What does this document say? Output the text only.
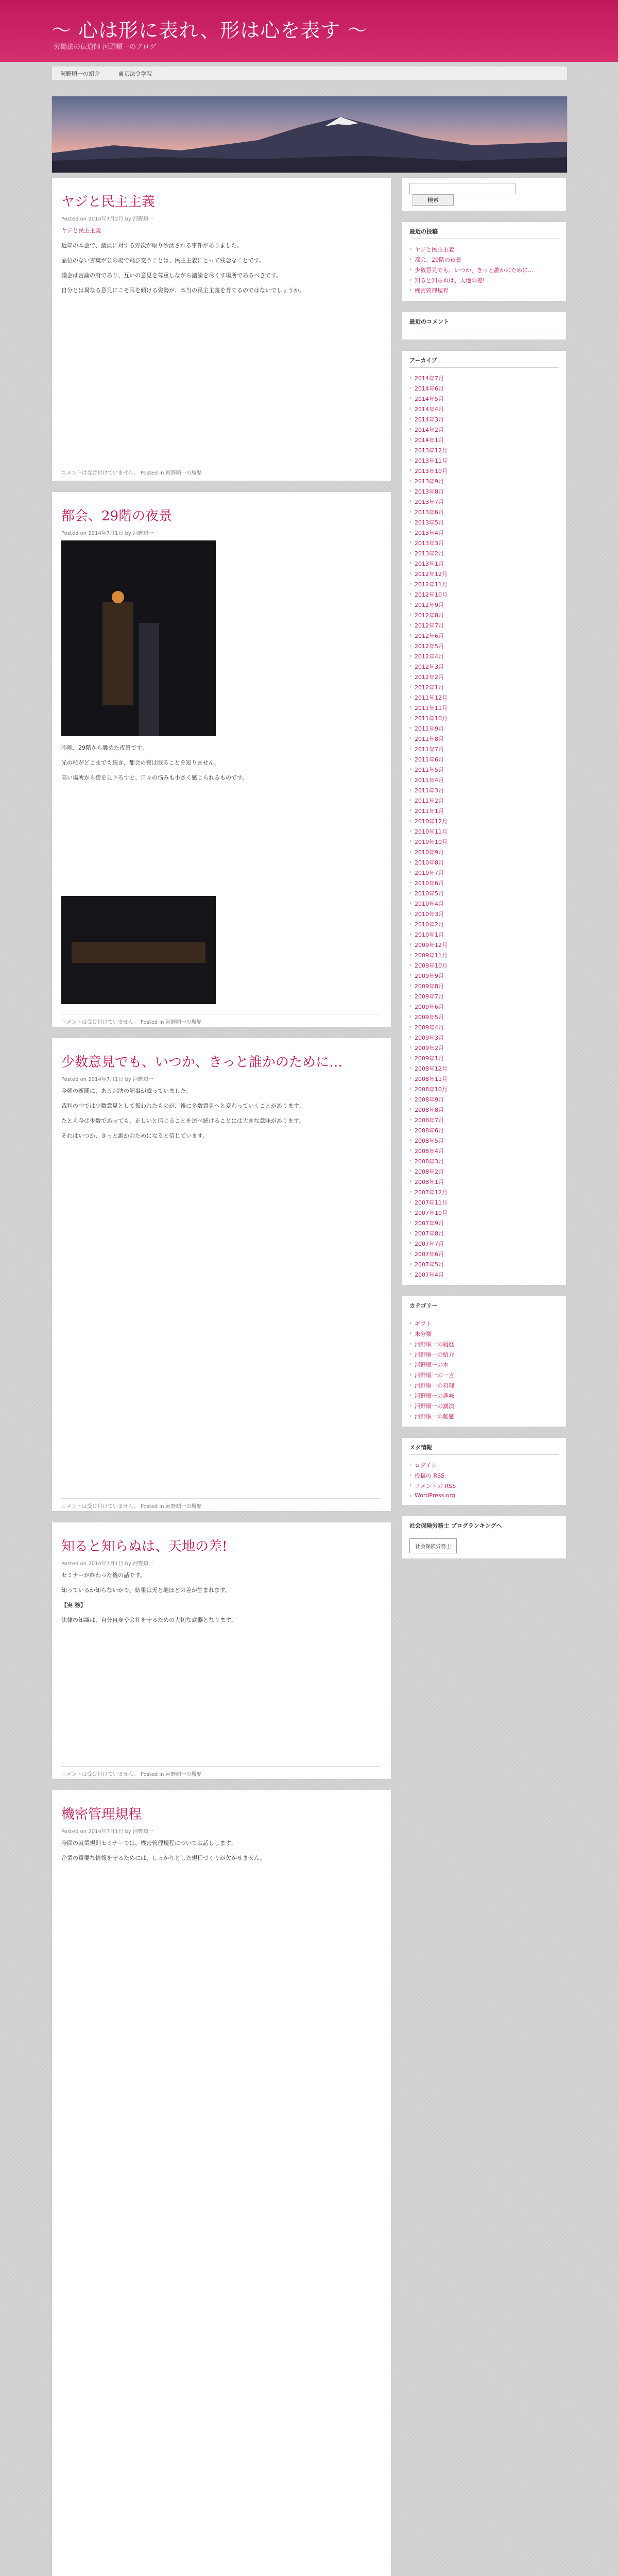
〜 心は形に表れ、形は心を表す 〜
労働法の伝道師 河野順一のブログ
河野順一の紹介	東京法令学院
ヤジと民主主義
Posted on 2014年7月2日 by 河野順一

ヤジと民主主義

近年の本会で、議員に対する野次が取り沙汰される事件がありました。

品位のない言葉が公の場で飛び交うことは、民主主義にとって残念なことです。

議会は言論の府であり、互いの意見を尊重しながら議論を尽くす場所であるべきです。

自分とは異なる意見にこそ耳を傾ける姿勢が、本当の民主主義を育てるのではないでしょうか。

コメントは受け付けていません。 Posted in 河野順一の履歴
都会、29階の夜景
Posted on 2014年7月1日 by 河野順一

昨晩、29階から眺めた夜景です。

光の粒がどこまでも続き、都会の夜は眠ることを知りません。

高い場所から街を見下ろすと、日々の悩みも小さく感じられるものです。

コメントは受け付けていません。 Posted in 河野順一の履歴
少数意見でも、いつか、きっと誰かのために…
Posted on 2014年7月1日 by 河野順一

今朝の新聞に、ある判決の記事が載っていました。

裁判の中では少数意見として扱われたものが、後に多数意見へと変わっていくことがあります。

たとえ今は少数であっても、正しいと信じることを述べ続けることには大きな意味があります。

それはいつか、きっと誰かのためになると信じています。

コメントは受け付けていません。 Posted in 河野順一の履歴
知ると知らぬは、天地の差!
Posted on 2014年7月1日 by 河野順一

セミナーが終わった後の話です。

知っているか知らないかで、結果は天と地ほどの差が生まれます。

【実 務】

法律の知識は、自分自身や会社を守るための大切な武器となります。

コメントは受け付けていません。 Posted in 河野順一の履歴
機密管理規程
Posted on 2014年7月1日 by 河野順一

今回の就業規則セミナーでは、機密管理規程についてお話しします。

企業の重要な情報を守るためには、しっかりとした規程づくりが欠かせません。

検索
最近の投稿
› ヤジと民主主義
› 都会、29階の夜景
› 少数意見でも、いつか、きっと誰かのために…
› 知ると知らぬは、天地の差!
› 機密管理規程
最近のコメント
アーカイブ
› 2014年7月
› 2014年6月
› 2014年5月
› 2014年4月
› 2014年3月
› 2014年2月
› 2014年1月
› 2013年12月
› 2013年11月
› 2013年10月
› 2013年9月
› 2013年8月
› 2013年7月
› 2013年6月
› 2013年5月
› 2013年4月
› 2013年3月
› 2013年2月
› 2013年1月
› 2012年12月
› 2012年11月
› 2012年10月
› 2012年9月
› 2012年8月
› 2012年7月
› 2012年6月
› 2012年5月
› 2012年4月
› 2012年3月
› 2012年2月
› 2012年1月
› 2011年12月
› 2011年11月
› 2011年10月
› 2011年9月
› 2011年8月
› 2011年7月
› 2011年6月
› 2011年5月
› 2011年4月
› 2011年3月
› 2011年2月
› 2011年1月
› 2010年12月
› 2010年11月
› 2010年10月
› 2010年9月
› 2010年8月
› 2010年7月
› 2010年6月
› 2010年5月
› 2010年4月
› 2010年3月
› 2010年2月
› 2010年1月
› 2009年12月
› 2009年11月
› 2009年10月
› 2009年9月
› 2009年8月
› 2009年7月
› 2009年6月
› 2009年5月
› 2009年4月
› 2009年3月
› 2009年2月
› 2009年1月
› 2008年12月
› 2008年11月
› 2008年10月
› 2008年9月
› 2008年8月
› 2008年7月
› 2008年6月
› 2008年5月
› 2008年4月
› 2008年3月
› 2008年2月
› 2008年1月
› 2007年12月
› 2007年11月
› 2007年10月
› 2007年9月
› 2007年8月
› 2007年7月
› 2007年6月
› 2007年5月
› 2007年4月
カテゴリー
› ギフト
› 未分類
› 河野順一の履歴
› 河野順一の紹介
› 河野順一の本
› 河野順一の一言
› 河野順一の料理
› 河野順一の趣味
› 河野順一の講演
› 河野順一の雑感
メタ情報
› ログイン
› 投稿の RSS
› コメントの RSS
› WordPress.org
社会保険労務士 ブログランキングへ
社会保険労務士
